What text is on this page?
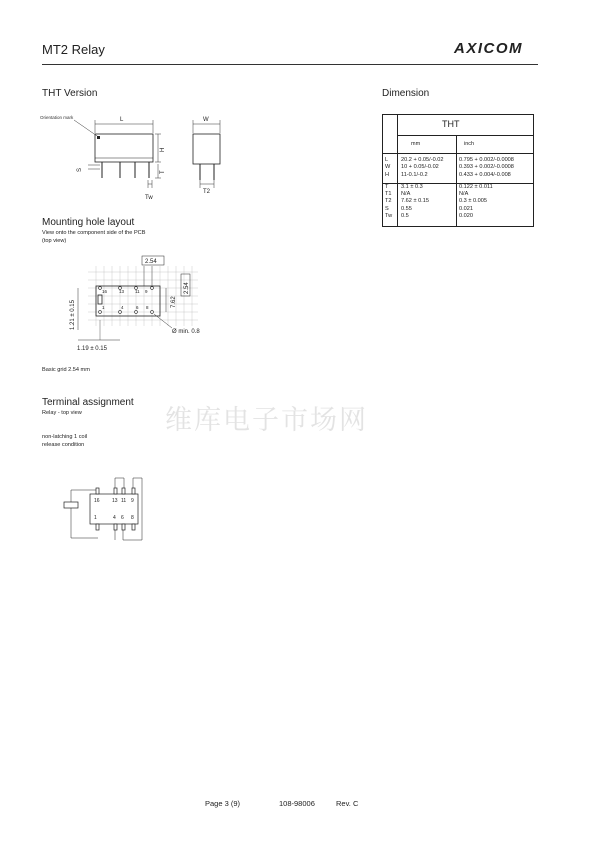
MT2 Relay	AXICOM
THT Version
Orientation mark	L
H
T
S
Tw
W
T2
Mounting hole layout
View onto the component side of the PCB
(top view)
16	13 11 9
1	4	6 8
2.54
7.62
2.54
1.21 ± 0.15
Ø min. 0.8
1.19 ± 0.15
Basic grid 2.54 mm
Terminal assignment
Relay - top view
non-latching 1 coil
release condition
16 13 11 9
1	4 6 8
Dimension
THT
mm	inch
L 20.2 + 0.05/-0.02	0.795 + 0.002/-0.0008
W 10 + 0.05/-0.02	0.393 + 0.002/-0.0008
H 11-0.1/-0.2	0.433 + 0.004/-0.008
T 3.1 ± 0.3	0.122 ± 0.011
T1 N/A	N/A
T2 7.62 ± 0.15	0.3 ± 0.005
S 0.55	0.021
Tw 0.5	0.020
维库电子市场网
Page 3 (9)	108-98006	Rev. C
